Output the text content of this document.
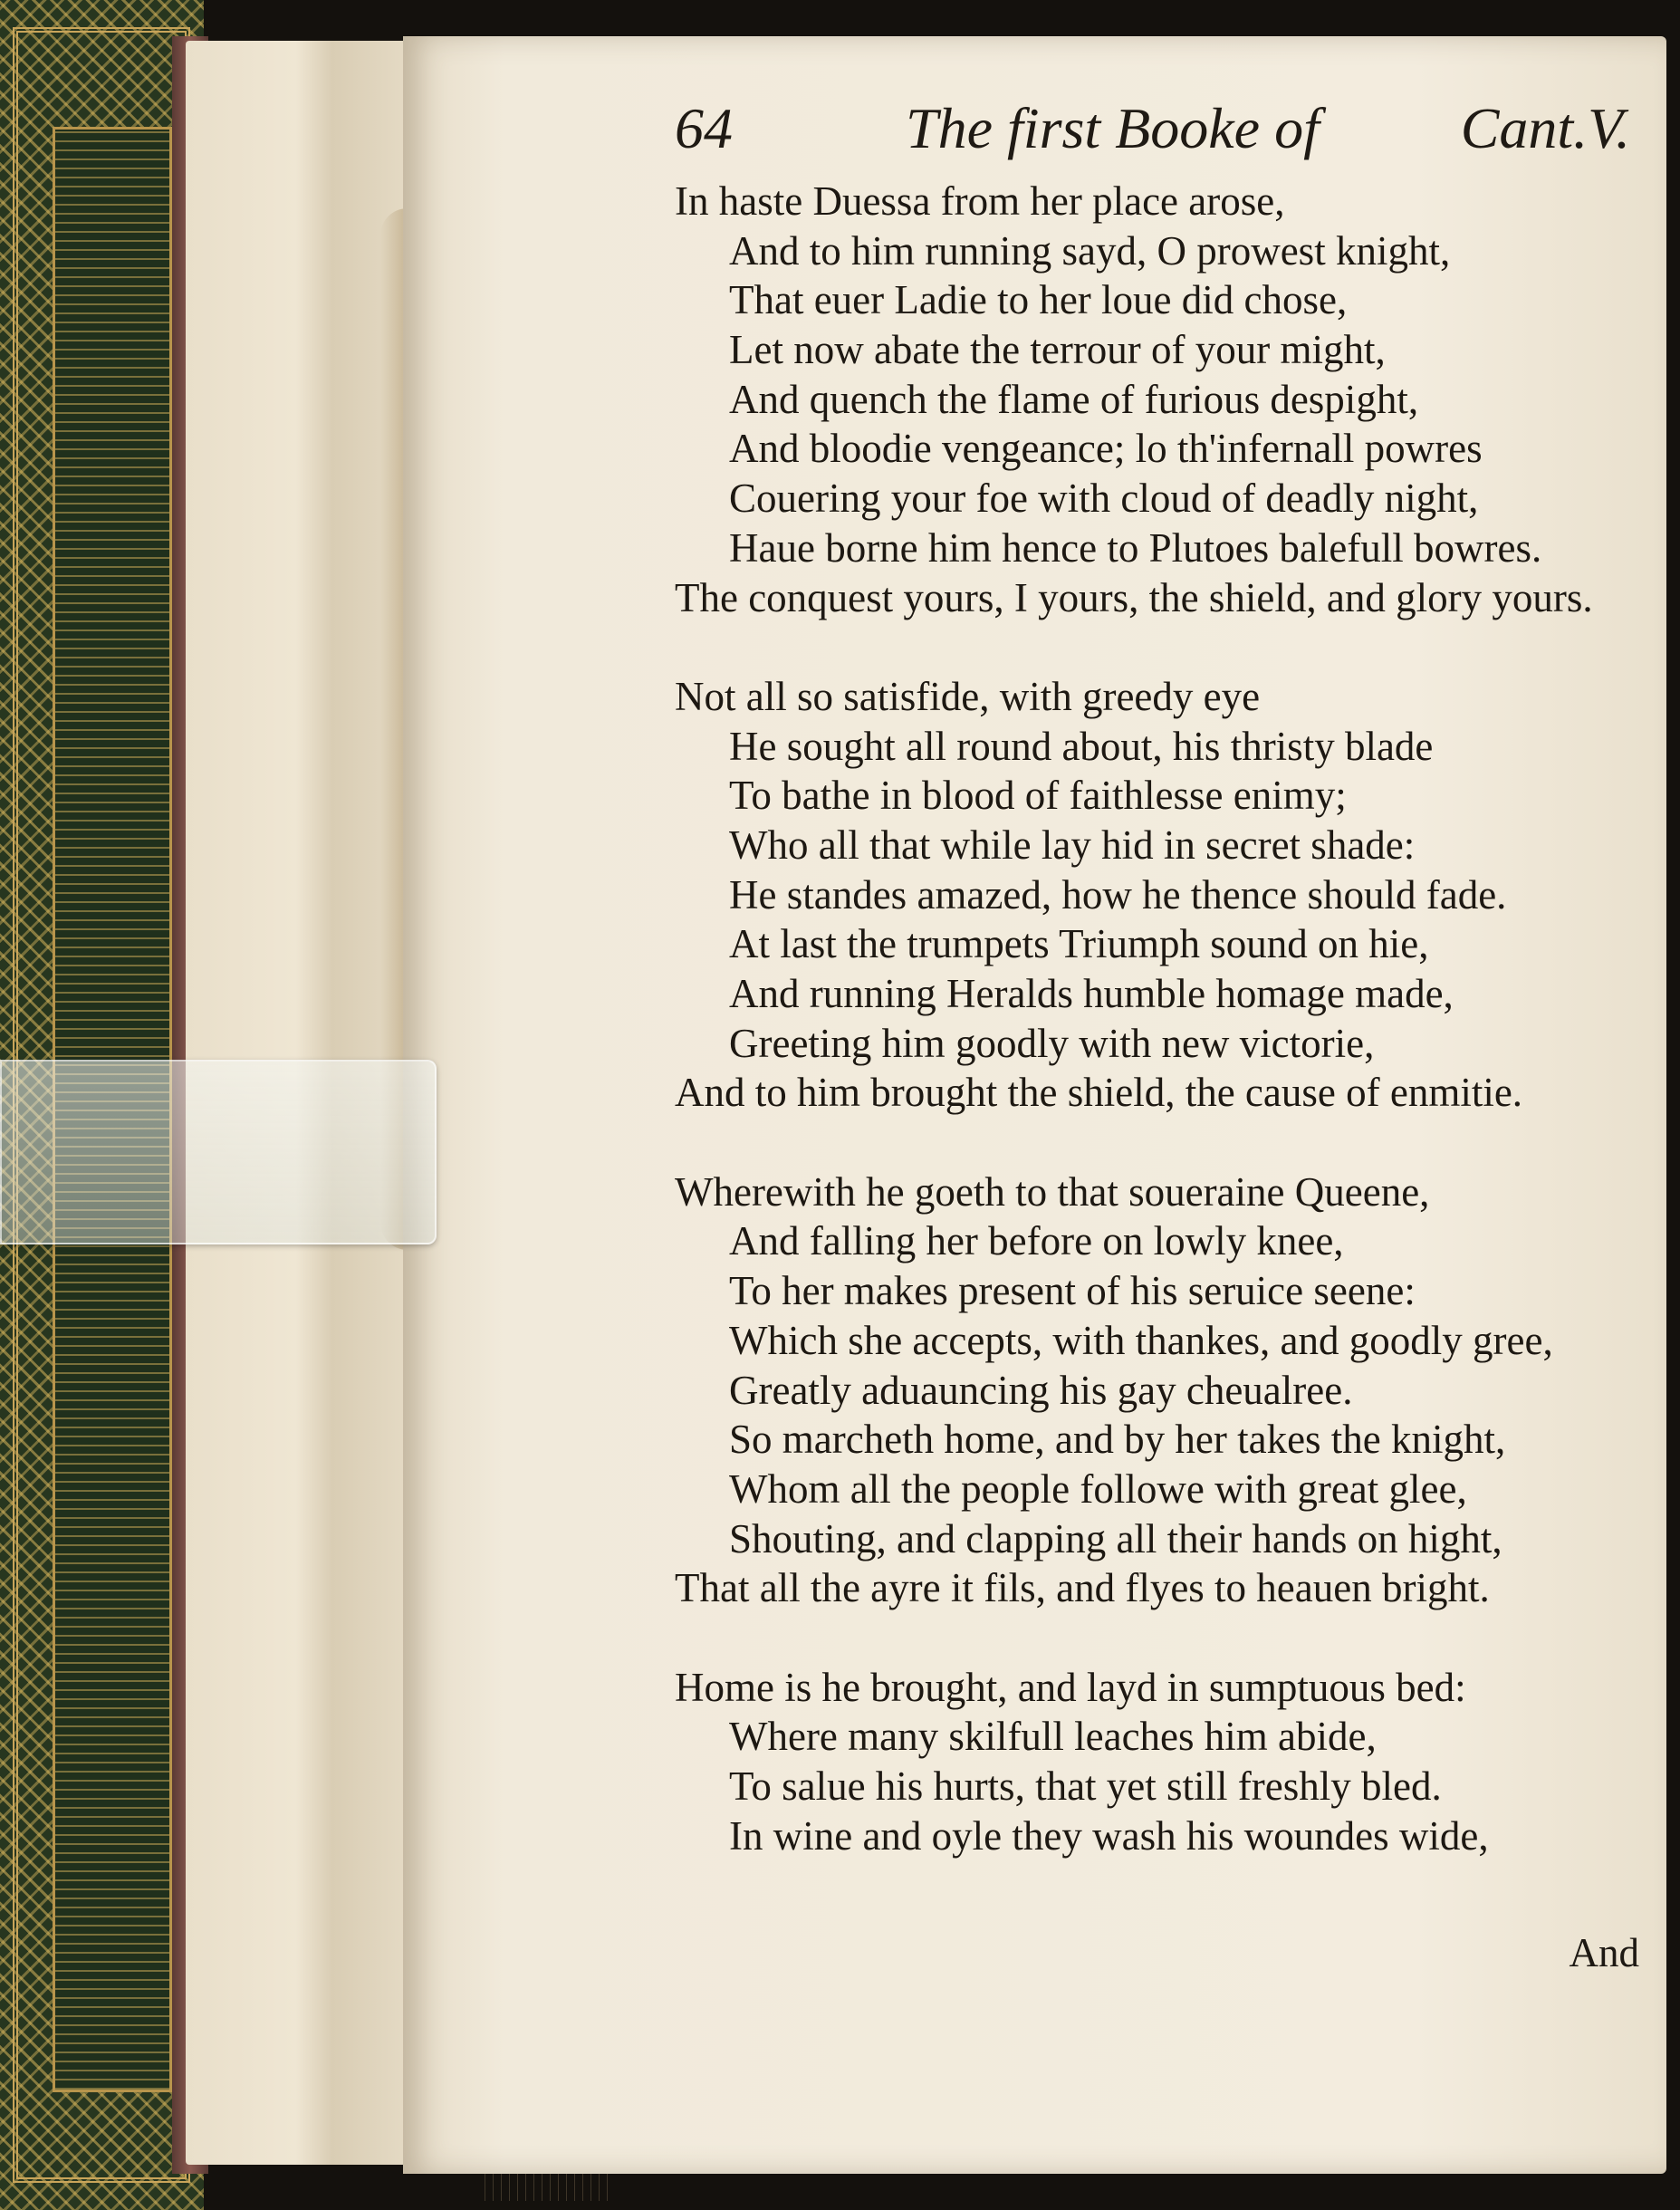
64	The first Booke of Cant.V.
In haste Duessa from her place arose,
And to him running sayd, O prowest knight,
That euer Ladie to her loue did chose,
Let now abate the terrour of your might,
And quench the flame of furious despight,
And bloodie vengeance; lo th'infernall powres
Couering your foe with cloud of deadly night,
Haue borne him hence to Plutoes balefull bowres.
The conquest yours, I yours, the shield, and glory yours.
Not all so satisfide, with greedy eye
He sought all round about, his thristy blade
To bathe in blood of faithlesse enimy;
Who all that while lay hid in secret shade:
He standes amazed, how he thence should fade.
At last the trumpets Triumph sound on hie,
And running Heralds humble homage made,
Greeting him goodly with new victorie,
And to him brought the shield, the cause of enmitie.
Wherewith he goeth to that soueraine Queene,
And falling her before on lowly knee,
To her makes present of his seruice seene:
Which she accepts, with thankes, and goodly gree,
Greatly aduauncing his gay cheualree.
So marcheth home, and by her takes the knight,
Whom all the people followe with great glee,
Shouting, and clapping all their hands on hight,
That all the ayre it fils, and flyes to heauen bright.
Home is he brought, and layd in sumptuous bed:
Where many skilfull leaches him abide,
To salue his hurts, that yet still freshly bled.
In wine and oyle they wash his woundes wide,
And
